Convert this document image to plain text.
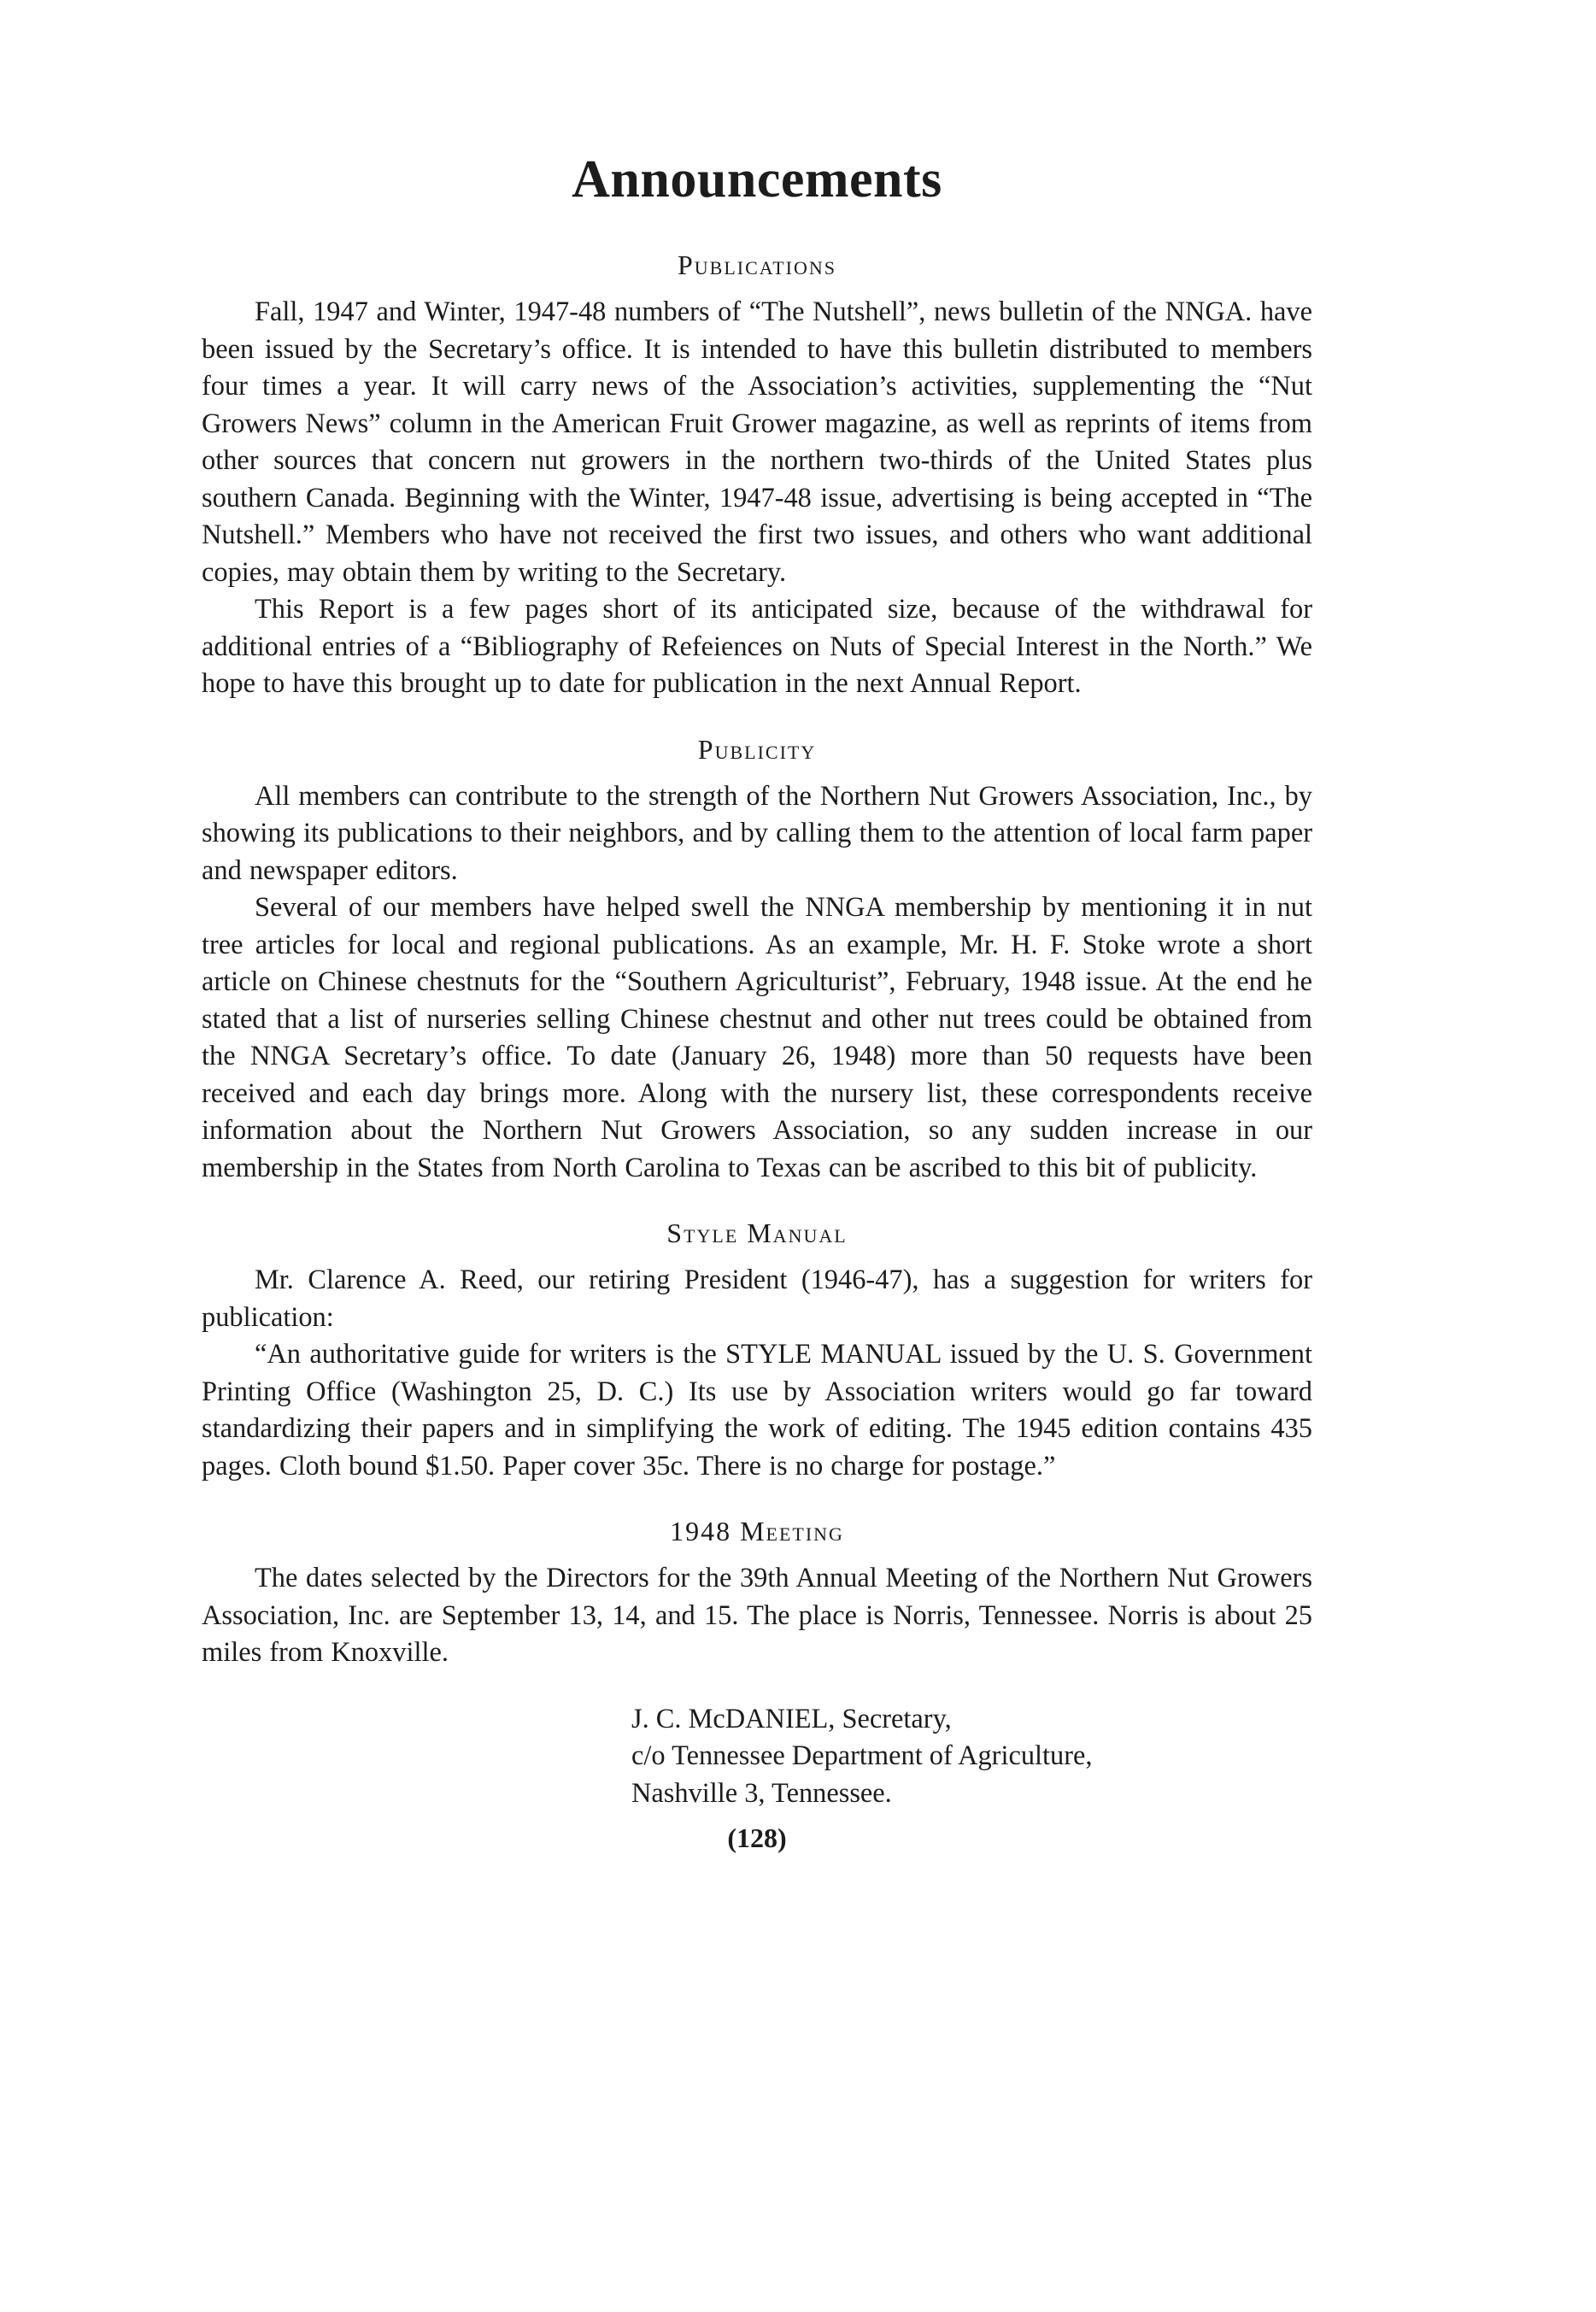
Announcements
Publications

Fall, 1947 and Winter, 1947-48 numbers of “The Nutshell”, news bulletin of the NNGA. have been issued by the Secretary’s office. It is intended to have this bulletin distributed to members four times a year. It will carry news of the Association’s activities, supplementing the “Nut Growers News” column in the American Fruit Grower magazine, as well as reprints of items from other sources that concern nut growers in the northern two-thirds of the United States plus southern Canada. Beginning with the Winter, 1947-48 issue, advertising is being accepted in “The Nutshell.” Members who have not received the first two issues, and others who want additional copies, may obtain them by writing to the Secretary.

This Report is a few pages short of its anticipated size, because of the withdrawal for additional entries of a “Bibliography of Refeiences on Nuts of Special Interest in the North.” We hope to have this brought up to date for publication in the next Annual Report.

Publicity

All members can contribute to the strength of the Northern Nut Growers Association, Inc., by showing its publications to their neighbors, and by calling them to the attention of local farm paper and newspaper editors.

Several of our members have helped swell the NNGA membership by mentioning it in nut tree articles for local and regional publications. As an example, Mr. H. F. Stoke wrote a short article on Chinese chestnuts for the “Southern Agriculturist”, February, 1948 issue. At the end he stated that a list of nurseries selling Chinese chestnut and other nut trees could be obtained from the NNGA Secretary’s office. To date (January 26, 1948) more than 50 requests have been received and each day brings more. Along with the nursery list, these correspondents receive information about the Northern Nut Growers Association, so any sudden increase in our membership in the States from North Carolina to Texas can be ascribed to this bit of publicity.

Style Manual

Mr. Clarence A. Reed, our retiring President (1946-47), has a suggestion for writers for publication:

“An authoritative guide for writers is the STYLE MANUAL issued by the U. S. Government Printing Office (Washington 25, D. C.) Its use by Association writers would go far toward standardizing their papers and in simplifying the work of editing. The 1945 edition contains 435 pages. Cloth bound $1.50. Paper cover 35c. There is no charge for postage.”

1948 Meeting

The dates selected by the Directors for the 39th Annual Meeting of the Northern Nut Growers Association, Inc. are September 13, 14, and 15. The place is Norris, Tennessee. Norris is about 25 miles from Knoxville.

J. C. McDANIEL, Secretary,
c/o Tennessee Department of Agriculture,
Nashville 3, Tennessee.
(128)
